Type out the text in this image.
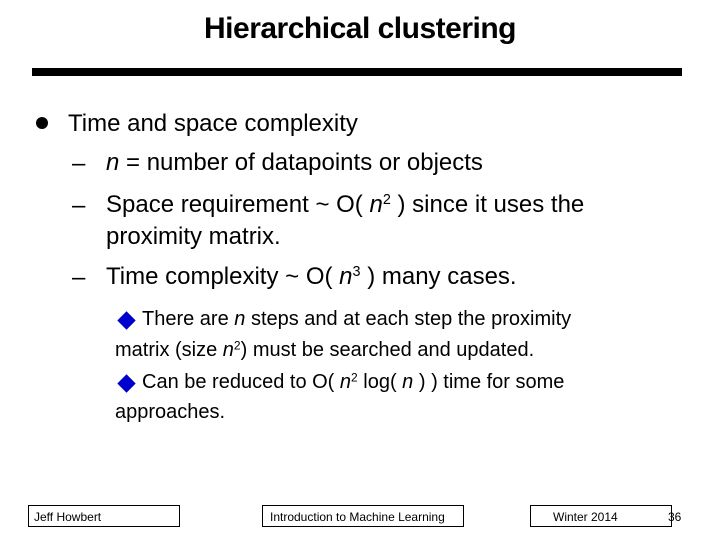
Hierarchical clustering
Time and space complexity
– n = number of datapoints or objects
– Space requirement ~ O( $n^2$ ) since it uses the
proximity matrix.
– Time complexity ~ O( $n^3$ ) many cases.
There are n steps and at each step the proximity
matrix (size $n^2$) must be searched and updated.
Can be reduced to O( $n^2$ log( n ) ) time for some
approaches.
Jeff Howbert	Introduction to Machine Learning	Winter 2014	36
